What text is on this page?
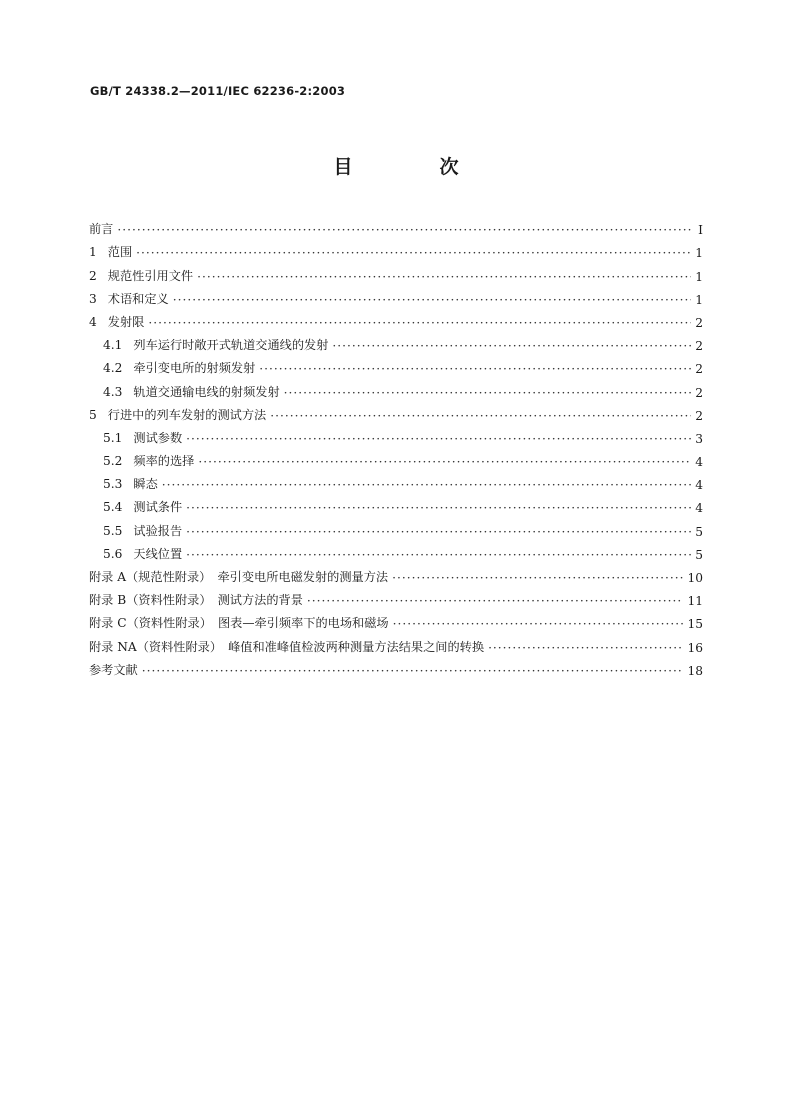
GB/T 24338.2—2011/IEC 62236-2:2003
目　次
前言 ·····	Ⅰ
1 范围 ·····	1
2 规范性引用文件 ·····	1
3 术语和定义 ·····	1
4 发射限 ·····	2
4.1 列车运行时敞开式轨道交通线的发射 ·····	2
4.2 牵引变电所的射频发射 ·····	2
4.3 轨道交通输电线的射频发射 ·····	2
5 行进中的列车发射的测试方法 ·····	2
5.1 测试参数 ·····	3
5.2 频率的选择 ·····	4
5.3 瞬态 ·····	4
5.4 测试条件 ·····	4
5.5 试验报告 ·····	5
5.6 天线位置 ·····	5
附录 A（规范性附录）　牵引变电所电磁发射的测量方法 ·····	10
附录 B（资料性附录）　测试方法的背景 ·····	11
附录 C（资料性附录）　图表—牵引频率下的电场和磁场 ·····	15
附录 NA（资料性附录）　峰值和准峰值检波两种测量方法结果之间的转换 ·····	16
参考文献 ·····	18
